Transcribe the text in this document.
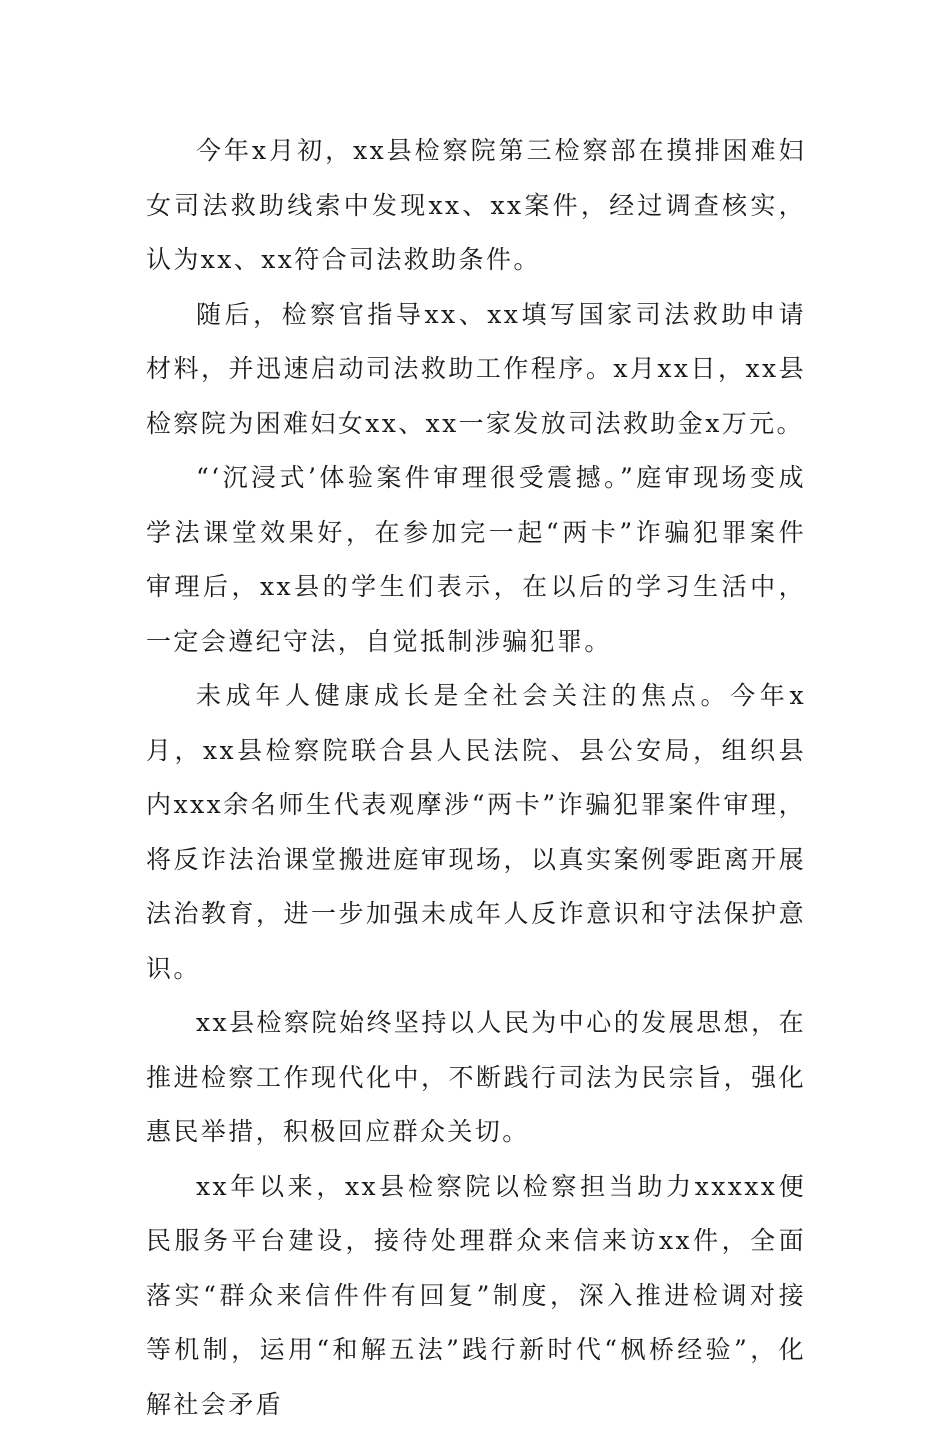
今年x月初，xx县检察院第三检察部在摸排困难妇女司法救助线索中发现xx、xx案件，经过调查核实，认为xx、xx符合司法救助条件。

随后，检察官指导xx、xx填写国家司法救助申请材料，并迅速启动司法救助工作程序。x月xx日，xx县检察院为困难妇女xx、xx一家发放司法救助金x万元。

“‘沉浸式’体验案件审理很受震撼。”庭审现场变成学法课堂效果好，在参加完一起“两卡”诈骗犯罪案件审理后，xx县的学生们表示，在以后的学习生活中，一定会遵纪守法，自觉抵制涉骗犯罪。

未成年人健康成长是全社会关注的焦点。今年x月，xx县检察院联合县人民法院、县公安局，组织县内xxx余名师生代表观摩涉“两卡”诈骗犯罪案件审理，将反诈法治课堂搬进庭审现场，以真实案例零距离开展法治教育，进一步加强未成年人反诈意识和守法保护意识。

xx县检察院始终坚持以人民为中心的发展思想，在推进检察工作现代化中，不断践行司法为民宗旨，强化惠民举措，积极回应群众关切。

xx年以来，xx县检察院以检察担当助力xxxxx便民服务平台建设，接待处理群众来信来访xx件，全面落实“群众来信件件有回复”制度，深入推进检调对接等机制，运用“和解五法”践行新时代“枫桥经验”，化解社会矛盾
